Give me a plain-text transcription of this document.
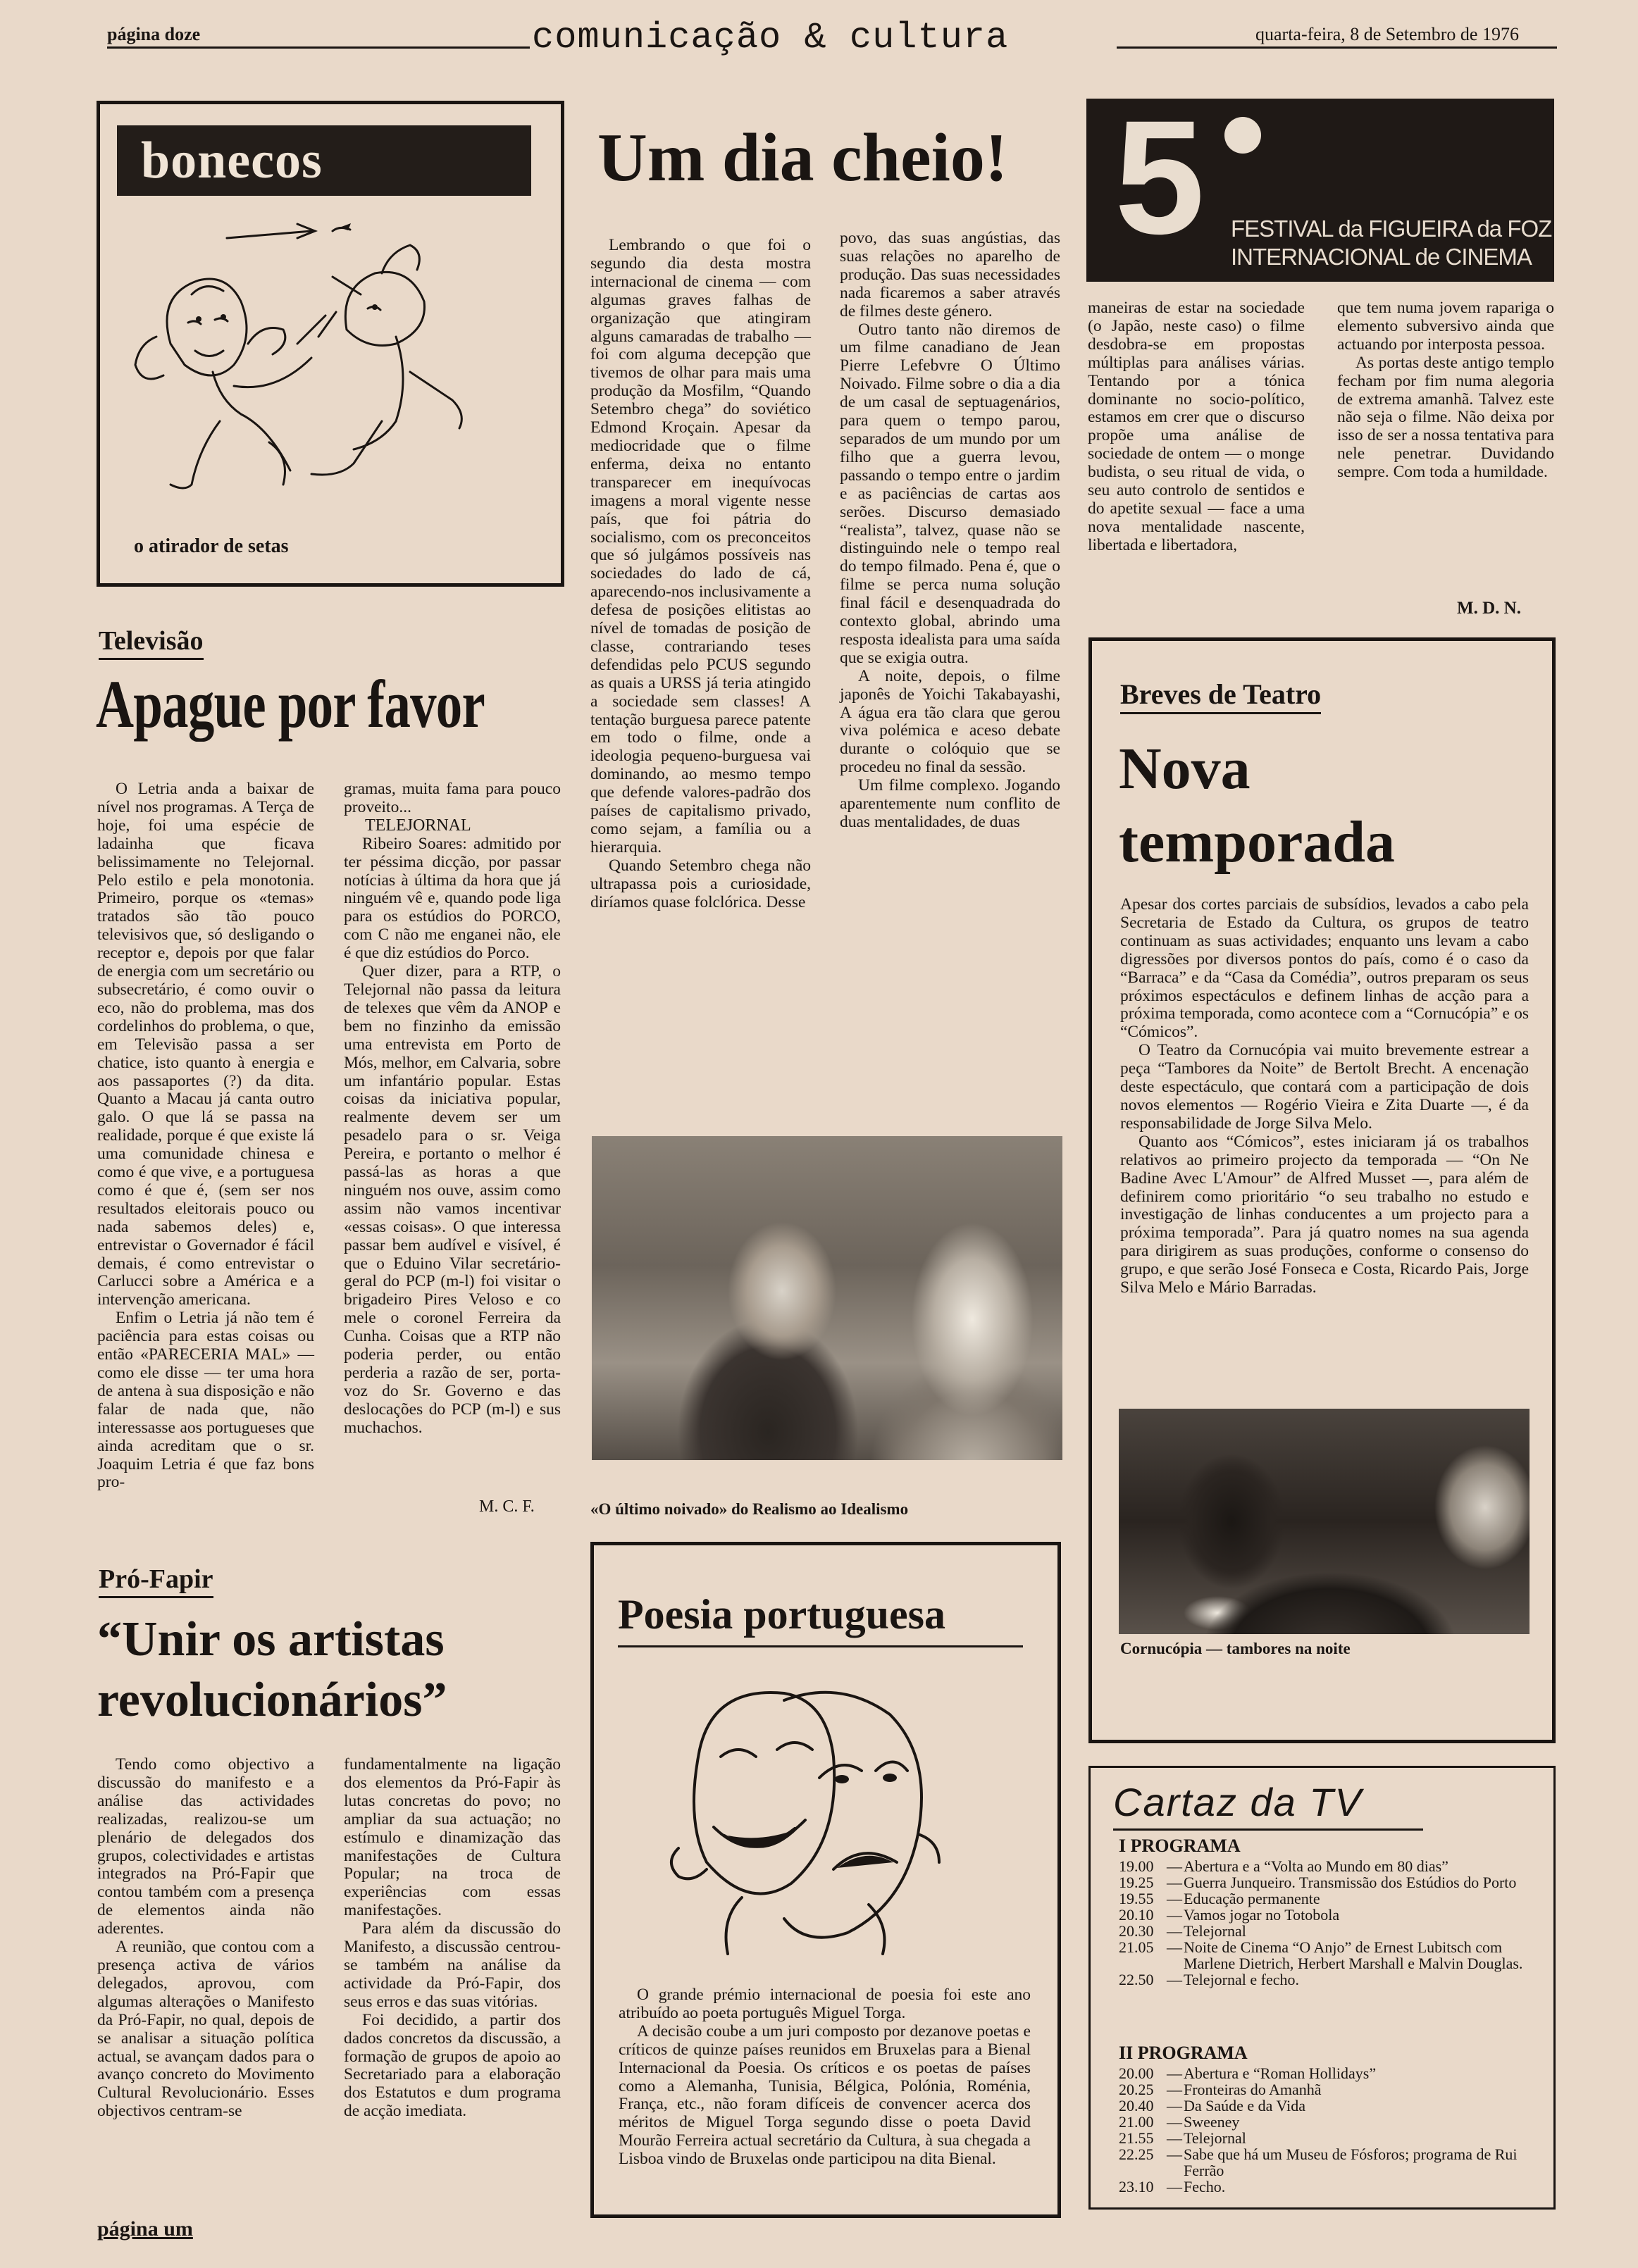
página doze	comunicação & cultura	quarta-feira, 8 de Setembro de 1976
bonecos
o atirador de setas
Televisão
Apague por favor

O Letria anda a baixar de nível nos programas. A Terça de hoje, foi uma espécie de ladainha que ficava belissimamente no Telejornal. Pelo estilo e pela monotonia. Primeiro, porque os «temas» tratados são tão pouco televisivos que, só desligando o receptor e, depois por que falar de energia com um secretário ou subsecretário, é como ouvir o eco, não do problema, mas dos cordelinhos do problema, o que, em Televisão passa a ser chatice, isto quanto à energia e aos passaportes (?) da dita. Quanto a Macau já canta outro galo. O que lá se passa na realidade, porque é que existe lá uma comunidade chinesa e como é que vive, e a portuguesa como é que é, (sem ser nos resultados eleitorais pouco ou nada sabemos deles) e, entrevistar o Governador é fácil demais, é como entrevistar o Carlucci sobre a América e a intervenção americana.

Enfim o Letria já não tem é paciência para estas coisas ou então «PARECERIA MAL» — como ele disse — ter uma hora de antena à sua disposição e não falar de nada que, não interessasse aos portugueses que ainda acreditam que o sr. Joaquim Letria é que faz bons pro-

gramas, muita fama para pouco proveito...

TELEJORNAL

Ribeiro Soares: admitido por ter péssima dicção, por passar notícias à última da hora que já ninguém vê e, quando pode liga para os estúdios do PORCO, com C não me enganei não, ele é que diz estúdios do Porco.

Quer dizer, para a RTP, o Telejornal não passa da leitura de telexes que vêm da ANOP e bem no finzinho da emissão uma entrevista em Porto de Mós, melhor, em Calvaria, sobre um infantário popular. Estas coisas da iniciativa popular, realmente devem ser um pesadelo para o sr. Veiga Pereira, e portanto o melhor é passá-las as horas a que ninguém nos ouve, assim como assim não vamos incentivar «essas coisas». O que interessa passar bem audível e visível, é que o Eduino Vilar secretário-geral do PCP (m-l) foi visitar o brigadeiro Pires Veloso e co mele o coronel Ferreira da Cunha. Coisas que a RTP não poderia perder, ou então perderia a razão de ser, porta-voz do Sr. Governo e das deslocações do PCP (m-l) e sus muchachos.

M. C. F.
Pró-Fapir
“Unir os artistas
revolucionários”

Tendo como objectivo a discussão do manifesto e a análise das actividades realizadas, realizou-se um plenário de delegados dos grupos, colectividades e artistas integrados na Pró-Fapir que contou também com a presença de elementos ainda não aderentes.

A reunião, que contou com a presença activa de vários delegados, aprovou, com algumas alterações o Manifesto da Pró-Fapir, no qual, depois de se analisar a situação política actual, se avançam dados para o avanço concreto do Movimento Cultural Revolucionário. Esses objectivos centram-se

fundamentalmente na ligação dos elementos da Pró-Fapir às lutas concretas do povo; no ampliar da sua actuação; no estímulo e dinamização das manifestações de Cultura Popular; na troca de experiências com essas manifestações.

Para além da discussão do Manifesto, a discussão centrou-se também na análise da actividade da Pró-Fapir, dos seus erros e das suas vitórias.

Foi decidido, a partir dos dados concretos da discussão, a formação de grupos de apoio ao Secretariado para a elaboração dos Estatutos e dum programa de acção imediata.

página um
Um dia cheio!

Lembrando o que foi o segundo dia desta mostra internacional de cinema — com algumas graves falhas de organização que atingiram alguns camaradas de trabalho — foi com alguma decepção que tivemos de olhar para mais uma produção da Mosfilm, “Quando Setembro chega” do soviético Edmond Kroçain. Apesar da mediocridade que o filme enferma, deixa no entanto transparecer em inequívocas imagens a moral vigente nesse país, que foi pátria do socialismo, com os preconceitos que só julgámos possíveis nas sociedades do lado de cá, aparecendo-nos inclusivamente a defesa de posições elitistas ao nível de tomadas de posição de classe, contrariando teses defendidas pelo PCUS segundo as quais a URSS já teria atingido a sociedade sem classes! A tentação burguesa parece patente em todo o filme, onde a ideologia pequeno-burguesa vai dominando, ao mesmo tempo que defende valores-padrão dos países de capitalismo privado, como sejam, a família ou a hierarquia.

Quando Setembro chega não ultrapassa pois a curiosidade, diríamos quase folclórica. Desse

povo, das suas angústias, das suas relações no aparelho de produção. Das suas necessidades nada ficaremos a saber através de filmes deste género.

Outro tanto não diremos de um filme canadiano de Jean Pierre Lefebvre O Último Noivado. Filme sobre o dia a dia de um casal de septuagenários, para quem o tempo parou, separados de um mundo por um filho que a guerra levou, passando o tempo entre o jardim e as paciências de cartas aos serões. Discurso demasiado “realista”, talvez, quase não se distinguindo nele o tempo real do tempo filmado. Pena é, que o filme se perca numa solução final fácil e desenquadrada do contexto global, abrindo uma resposta idealista para uma saída que se exigia outra.

A noite, depois, o filme japonês de Yoichi Takabayashi, A água era tão clara que gerou viva polémica e aceso debate durante o colóquio que se procedeu no final da sessão.

Um filme complexo. Jogando aparentemente num conflito de duas mentalidades, de duas

«O último noivado» do Realismo ao Idealismo
Poesia portuguesa

O grande prémio internacional de poesia foi este ano atribuído ao poeta português Miguel Torga.

A decisão coube a um juri composto por dezanove poetas e críticos de quinze países reunidos em Bruxelas para a Bienal Internacional da Poesia. Os críticos e os poetas de países como a Alemanha, Tunisia, Bélgica, Polónia, Roménia, França, etc., não foram difíceis de convencer acerca dos méritos de Miguel Torga segundo disse o poeta David Mourão Ferreira actual secretário da Cultura, à sua chegada a Lisboa vindo de Bruxelas onde participou na dita Bienal.

5 FESTIVAL da FIGUEIRA da FOZ
INTERNACIONAL de CINEMA

maneiras de estar na sociedade (o Japão, neste caso) o filme desdobra-se em propostas múltiplas para análises várias. Tentando por a tónica dominante no socio-político, estamos em crer que o discurso propõe uma análise de sociedade de ontem — o monge budista, o seu ritual de vida, o seu auto controlo de sentidos e do apetite sexual — face a uma nova mentalidade nascente, libertada e libertadora,

que tem numa jovem rapariga o elemento subversivo ainda que actuando por interposta pessoa.

As portas deste antigo templo fecham por fim numa alegoria de extrema amanhã. Talvez este não seja o filme. Não deixa por isso de ser a nossa tentativa para nele penetrar. Duvidando sempre. Com toda a humildade.

M. D. N.
Breves de Teatro
Nova
temporada

Apesar dos cortes parciais de subsídios, levados a cabo pela Secretaria de Estado da Cultura, os grupos de teatro continuam as suas actividades; enquanto uns levam a cabo digressões por diversos pontos do país, como é o caso da “Barraca” e da “Casa da Comédia”, outros preparam os seus próximos espectáculos e definem linhas de acção para a próxima temporada, como acontece com a “Cornucópia” e os “Cómicos”.

O Teatro da Cornucópia vai muito brevemente estrear a peça “Tambores da Noite” de Bertolt Brecht. A encenação deste espectáculo, que contará com a participação de dois novos elementos — Rogério Vieira e Zita Duarte —, é da responsabilidade de Jorge Silva Melo.

Quanto aos “Cómicos”, estes iniciaram já os trabalhos relativos ao primeiro projecto da temporada — “On Ne Badine Avec L'Amour” de Alfred Musset —, para além de definirem como prioritário “o seu trabalho no estudo e investigação de linhas conducentes a um projecto para a próxima temporada”. Para já quatro nomes na sua agenda para dirigirem as suas produções, conforme o consenso do grupo, e que serão José Fonseca e Costa, Ricardo Pais, Jorge Silva Melo e Mário Barradas.

Cornucópia — tambores na noite
Cartaz da TV
I PROGRAMA
19.00 — Abertura e a “Volta ao Mundo em 80 dias”
19.25 — Guerra Junqueiro. Transmissão dos Estúdios do Porto
19.55 — Educação permanente
20.10 — Vamos jogar no Totobola
20.30 — Telejornal
21.05 — Noite de Cinema “O Anjo” de Ernest Lubitsch com Marlene Dietrich, Herbert Marshall e Malvin Douglas.
22.50 — Telejornal e fecho.
II PROGRAMA
20.00 — Abertura e “Roman Hollidays”
20.25 — Fronteiras do Amanhã
20.40 — Da Saúde e da Vida
21.00 — Sweeney
21.55 — Telejornal
22.25 — Sabe que há um Museu de Fósforos; programa de Rui Ferrão
23.10 — Fecho.
